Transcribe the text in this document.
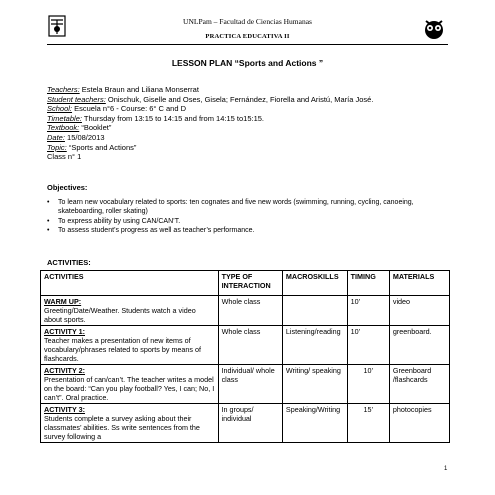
UNLPam – Facultad de Ciencias Humanas
PRACTICA EDUCATIVA II
LESSON PLAN “Sports and Actions ”
Teachers: Estela Braun and Liliana Monserrat
Student teachers: Onischuk, Giselle and Oses, Gisela; Fernández, Fiorella and Aristú, María José.
School: Escuela n°6 - Course: 6° C and D
Timetable: Thursday from 13:15 to 14:15 and from 14:15 to15:15.
Textbook: “Booklet”
Date: 15/08/2013
Topic: “Sports and Actions”
Class n° 1
Objectives:
• To learn new vocabulary related to sports: ten cognates and five new words (swimming, running, cycling, canoeing, skateboarding, roller skating)
• To express ability by using CAN/CAN’T.
• To assess student’s progress as well as teacher’s performance.
ACTIVITIES:
ACTIVITIES	TYPE OF INTERACTION	MACROSKILLS	TIMING	MATERIALS

WARM UP:
Greeting/Date/Weather. Students watch a video about sports.	Whole class		10’	video

ACTIVITY 1:
Teacher makes a presentation of new items of vocabulary/phrases related to sports by means of flashcards.	Whole class	Listening/reading	10’	greenboard.

ACTIVITY 2:
Presentation of can/can’t. The teacher writes a model on the board: “Can you play football? Yes, I can; No, I can’t”. Oral practice.	Individual/ whole class	Writing/ speaking	10’	Greenboard /flashcards

ACTIVITY 3:
Students complete a survey asking about their classmates’ abilities. Ss write sentences from the survey following a	In groups/ individual	Speaking/Writing	15’	photocopies
1
